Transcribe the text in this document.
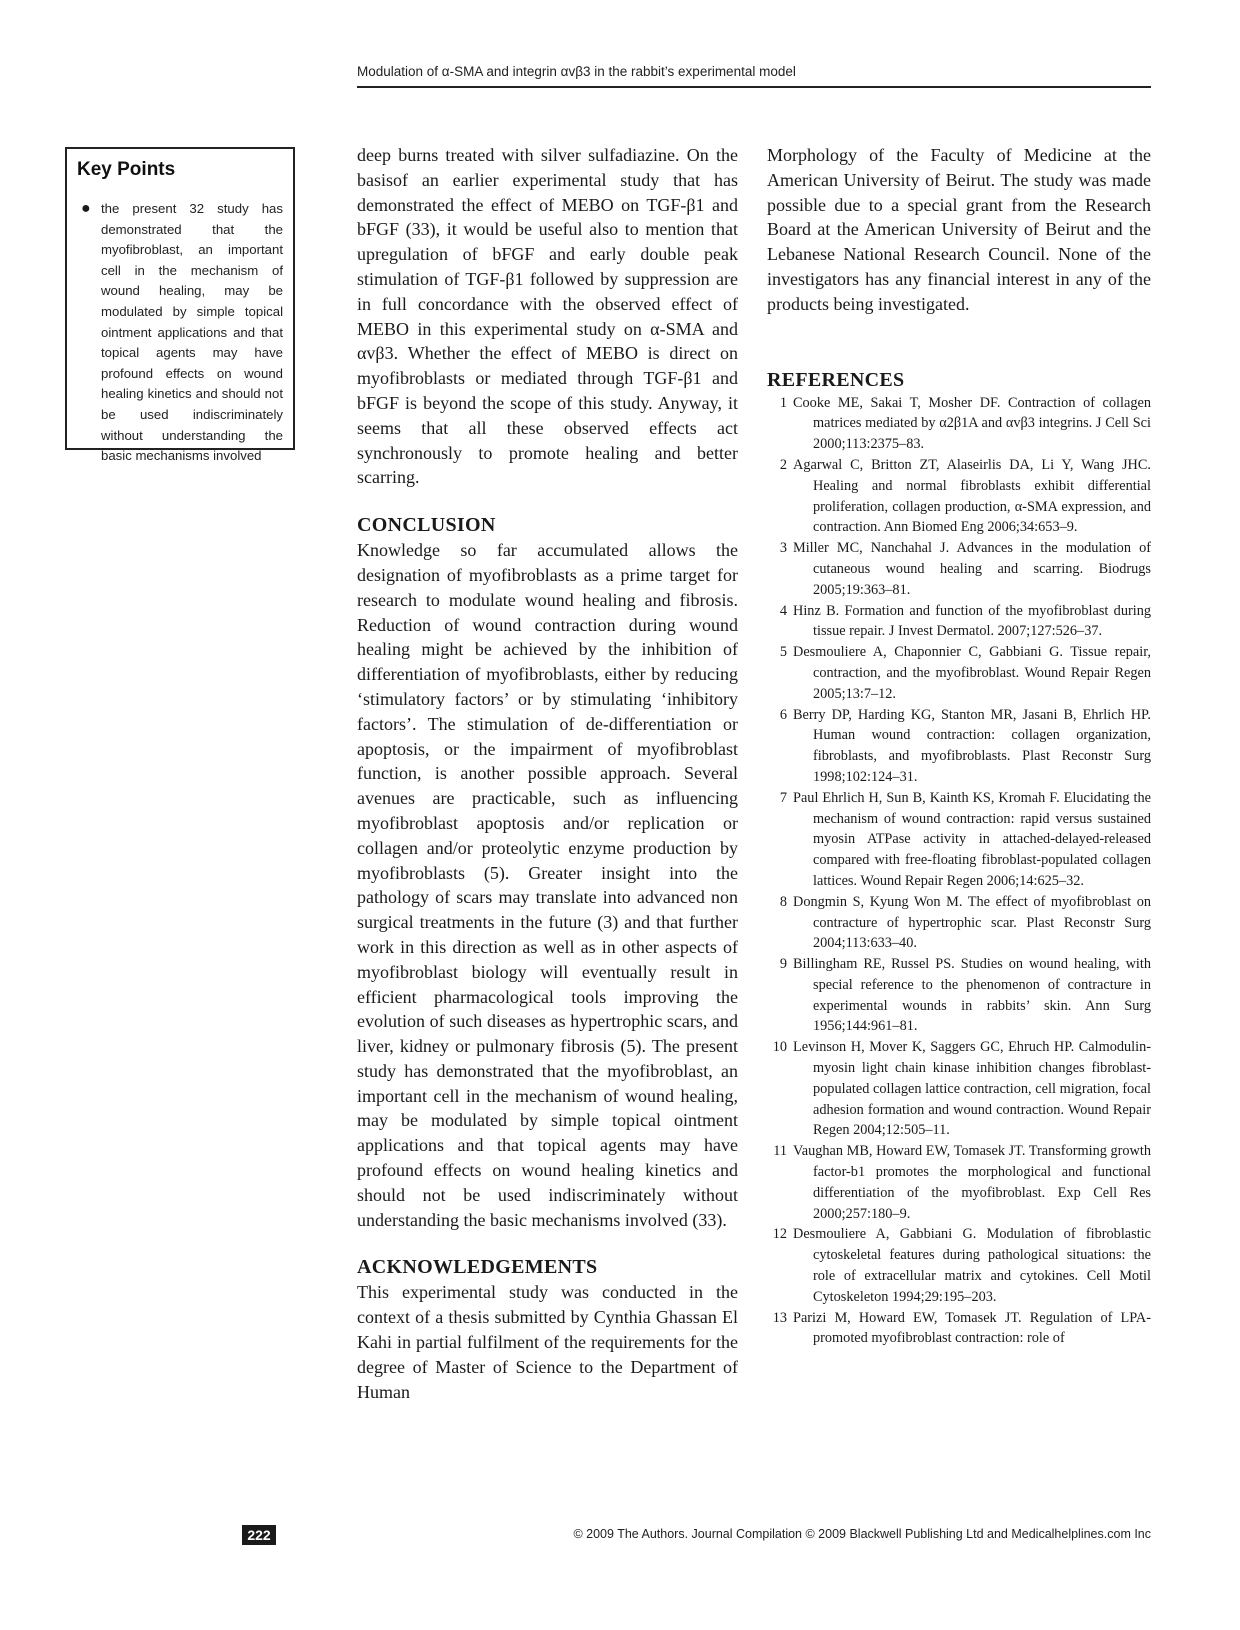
Modulation of α-SMA and integrin αvβ3 in the rabbit’s experimental model
Key Points
● the present 32 study has demonstrated that the myofibroblast, an important cell in the mechanism of wound healing, may be modulated by simple topical ointment applications and that topical agents may have profound effects on wound healing kinetics and should not be used indiscriminately without understanding the basic mechanisms involved

deep burns treated with silver sulfadiazine. On the basisof an earlier experimental study that has demonstrated the effect of MEBO on TGF-β1 and bFGF (33), it would be useful also to mention that upregulation of bFGF and early double peak stimulation of TGF-β1 followed by suppression are in full concordance with the observed effect of MEBO in this experimental study on α-SMA and αvβ3. Whether the effect of MEBO is direct on myofibroblasts or mediated through TGF-β1 and bFGF is beyond the scope of this study. Anyway, it seems that all these observed effects act synchronously to promote healing and better scarring.

CONCLUSION

Knowledge so far accumulated allows the designation of myofibroblasts as a prime target for research to modulate wound healing and fibrosis. Reduction of wound contraction during wound healing might be achieved by the inhibition of differentiation of myofibroblasts, either by reducing ‘stimulatory factors’ or by stimulating ‘inhibitory factors’. The stimulation of de-differentiation or apoptosis, or the impairment of myofibroblast function, is another possible approach. Several avenues are practicable, such as influencing myofibroblast apoptosis and/or replication or collagen and/or proteolytic enzyme production by myofibroblasts (5). Greater insight into the pathology of scars may translate into advanced non surgical treatments in the future (3) and that further work in this direction as well as in other aspects of myofibroblast biology will eventually result in efficient pharmacological tools improving the evolution of such diseases as hypertrophic scars, and liver, kidney or pulmonary fibrosis (5). The present study has demonstrated that the myofibroblast, an important cell in the mechanism of wound healing, may be modulated by simple topical ointment applications and that topical agents may have profound effects on wound healing kinetics and should not be used indiscriminately without understanding the basic mechanisms involved (33).

ACKNOWLEDGEMENTS

This experimental study was conducted in the context of a thesis submitted by Cynthia Ghassan El Kahi in partial fulfilment of the requirements for the degree of Master of Science to the Department of Human

Morphology of the Faculty of Medicine at the American University of Beirut. The study was made possible due to a special grant from the Research Board at the American University of Beirut and the Lebanese National Research Council. None of the investigators has any financial interest in any of the products being investigated.

REFERENCES
1 Cooke ME, Sakai T, Mosher DF. Contraction of collagen matrices mediated by α2β1A and αvβ3 integrins. J Cell Sci 2000;113:2375–83.
2 Agarwal C, Britton ZT, Alaseirlis DA, Li Y, Wang JHC. Healing and normal fibroblasts exhibit differential proliferation, collagen production, α-SMA expression, and contraction. Ann Biomed Eng 2006;34:653–9.
3 Miller MC, Nanchahal J. Advances in the modulation of cutaneous wound healing and scarring. Biodrugs 2005;19:363–81.
4 Hinz B. Formation and function of the myofibroblast during tissue repair. J Invest Dermatol. 2007;127:526–37.
5 Desmouliere A, Chaponnier C, Gabbiani G. Tissue repair, contraction, and the myofibroblast. Wound Repair Regen 2005;13:7–12.
6 Berry DP, Harding KG, Stanton MR, Jasani B, Ehrlich HP. Human wound contraction: collagen organization, fibroblasts, and myofibroblasts. Plast Reconstr Surg 1998;102:124–31.
7 Paul Ehrlich H, Sun B, Kainth KS, Kromah F. Elucidating the mechanism of wound contraction: rapid versus sustained myosin ATPase activity in attached-delayed-released compared with free-floating fibroblast-populated collagen lattices. Wound Repair Regen 2006;14:625–32.
8 Dongmin S, Kyung Won M. The effect of myofibroblast on contracture of hypertrophic scar. Plast Reconstr Surg 2004;113:633–40.
9 Billingham RE, Russel PS. Studies on wound healing, with special reference to the phenomenon of contracture in experimental wounds in rabbits’ skin. Ann Surg 1956;144:961–81.
10 Levinson H, Mover K, Saggers GC, Ehruch HP. Calmodulin-myosin light chain kinase inhibition changes fibroblast-populated collagen lattice contraction, cell migration, focal adhesion formation and wound contraction. Wound Repair Regen 2004;12:505–11.
11 Vaughan MB, Howard EW, Tomasek JT. Transforming growth factor-b1 promotes the morphological and functional differentiation of the myofibroblast. Exp Cell Res 2000;257:180–9.
12 Desmouliere A, Gabbiani G. Modulation of fibroblastic cytoskeletal features during pathological situations: the role of extracellular matrix and cytokines. Cell Motil Cytoskeleton 1994;29:195–203.
13 Parizi M, Howard EW, Tomasek JT. Regulation of LPA-promoted myofibroblast contraction: role of
222	© 2009 The Authors. Journal Compilation © 2009 Blackwell Publishing Ltd and Medicalhelplines.com Inc
